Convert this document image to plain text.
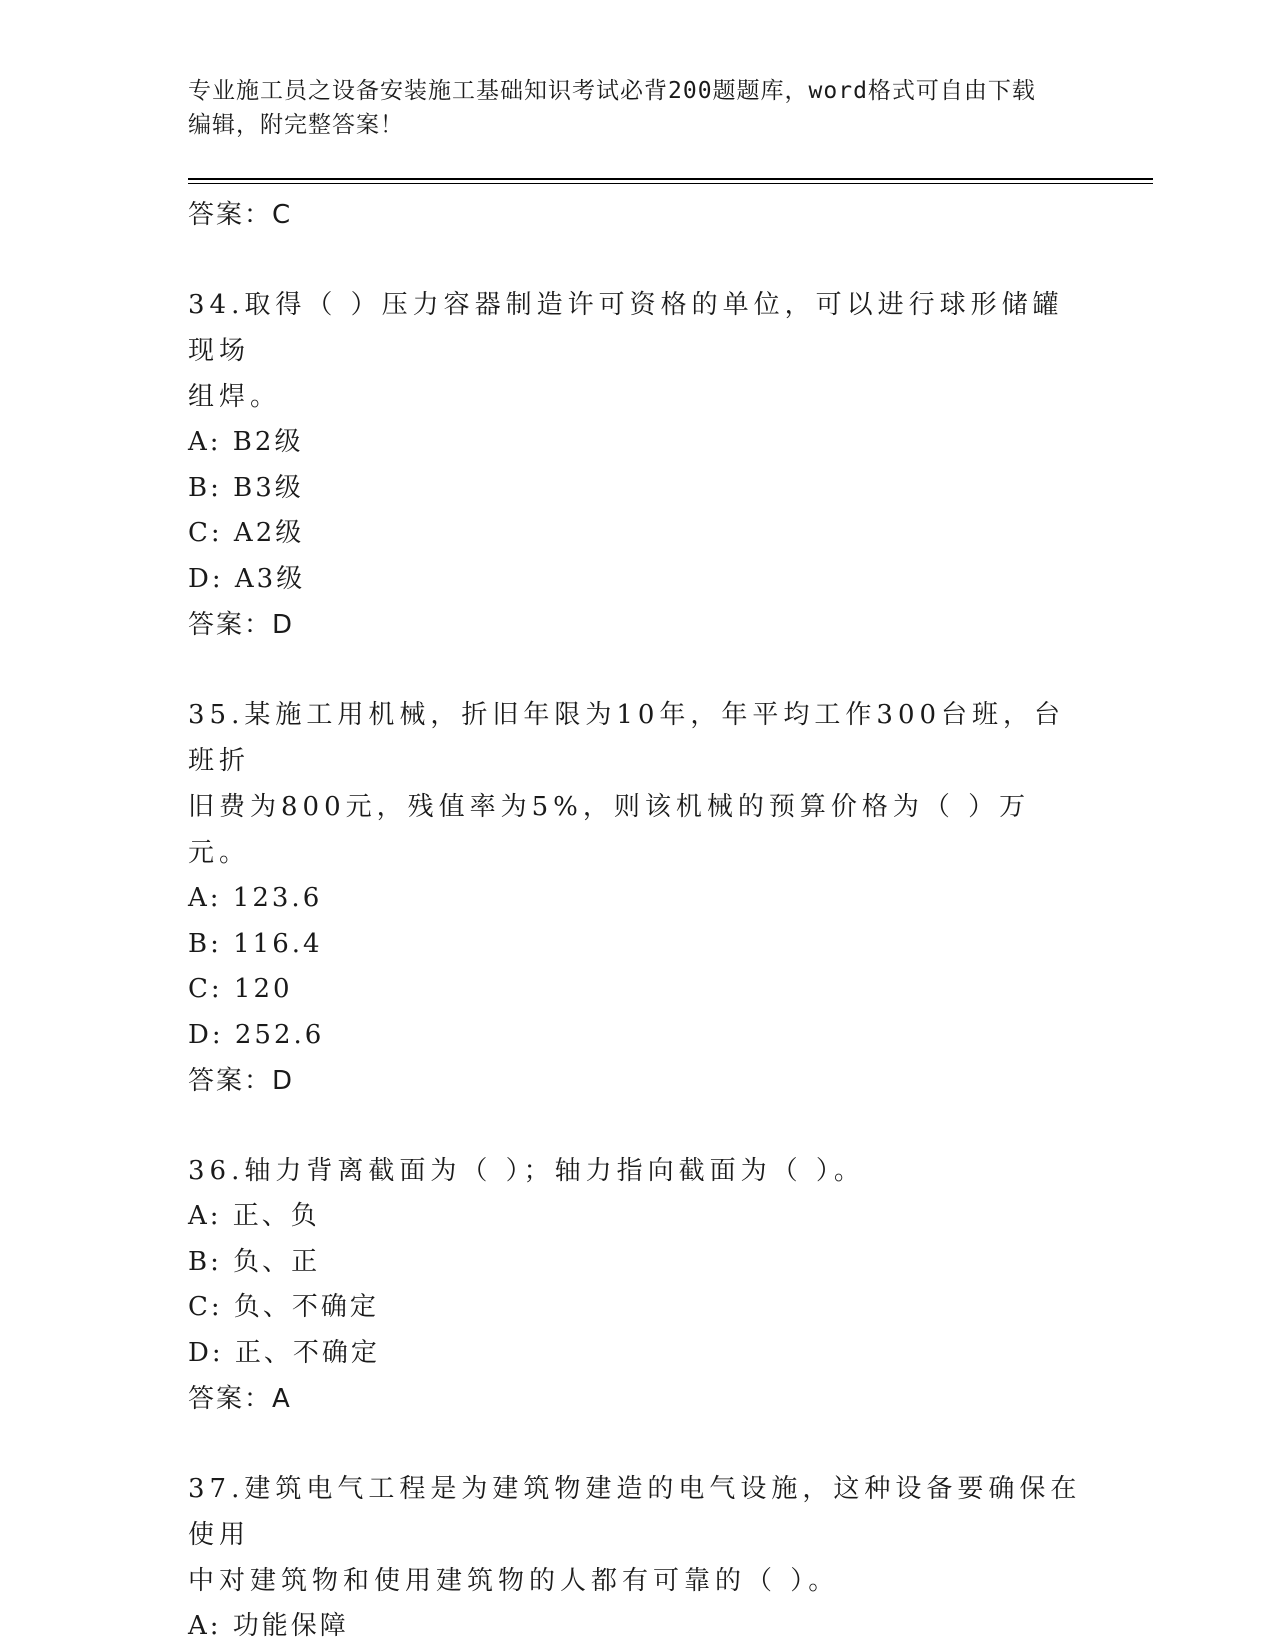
专业施工员之设备安装施工基础知识考试必背200题题库，word格式可自由下载
编辑，附完整答案！
答案：C
34.取得（ ）压力容器制造许可资格的单位，可以进行球形储罐现场
组焊。
A: B2级
B: B3级
C: A2级
D: A3级
答案：D
35.某施工用机械，折旧年限为10年，年平均工作300台班，台班折
旧费为800元，残值率为5%，则该机械的预算价格为（ ）万元。
A: 123.6
B: 116.4
C: 120
D: 252.6
答案：D
36.轴力背离截面为（ ）；轴力指向截面为（ ）。
A: 正、负
B: 负、正
C: 负、不确定
D: 正、不确定
答案：A
37.建筑电气工程是为建筑物建造的电气设施，这种设备要确保在使用
中对建筑物和使用建筑物的人都有可靠的（ ）。
A: 功能保障
